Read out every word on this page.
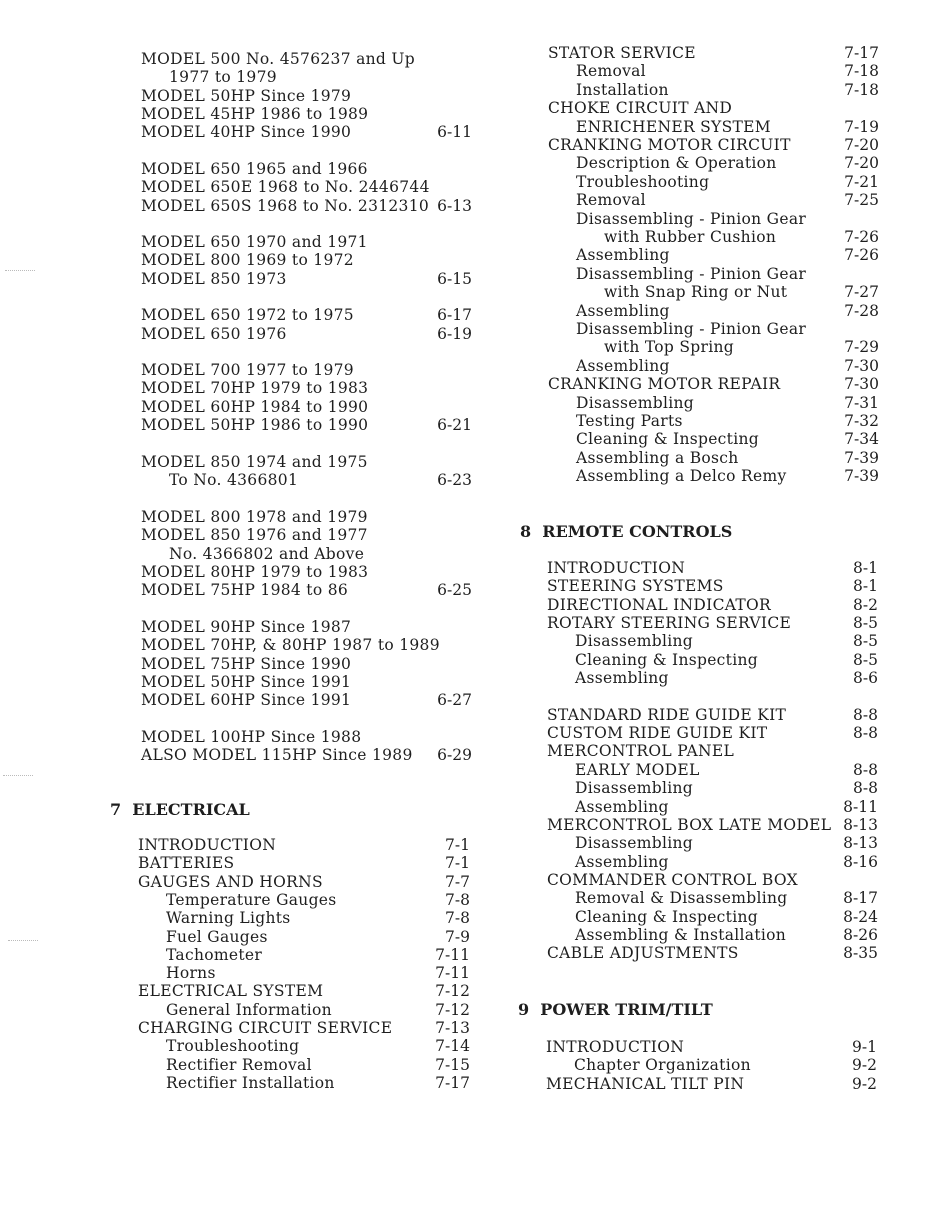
MODEL 500 No. 4576237 and Up
1977 to 1979
MODEL 50HP Since 1979
MODEL 45HP 1986 to 1989
MODEL 40HP Since 1990	6-11
MODEL 650 1965 and 1966
MODEL 650E 1968 to No. 2446744
MODEL 650S 1968 to No. 2312310 6-13
MODEL 650 1970 and 1971
MODEL 800 1969 to 1972
MODEL 850 1973	6-15
MODEL 650 1972 to 1975	6-17
MODEL 650 1976	6-19
MODEL 700 1977 to 1979
MODEL 70HP 1979 to 1983
MODEL 60HP 1984 to 1990
MODEL 50HP 1986 to 1990	6-21
MODEL 850 1974 and 1975
To No. 4366801	6-23
MODEL 800 1978 and 1979
MODEL 850 1976 and 1977
No. 4366802 and Above
MODEL 80HP 1979 to 1983
MODEL 75HP 1984 to 86	6-25
MODEL 90HP Since 1987
MODEL 70HP, & 80HP 1987 to 1989
MODEL 75HP Since 1990
MODEL 50HP Since 1991
MODEL 60HP Since 1991	6-27
MODEL 100HP Since 1988
ALSO MODEL 115HP Since 1989 6-29
7 ELECTRICAL
INTRODUCTION	7-1
BATTERIES	7-1
GAUGES AND HORNS	7-7
Temperature Gauges	7-8
Warning Lights	7-8
Fuel Gauges	7-9
Tachometer	7-11
Horns	7-11
ELECTRICAL SYSTEM	7-12
General Information	7-12
CHARGING CIRCUIT SERVICE	7-13
Troubleshooting	7-14
Rectifier Removal	7-15
Rectifier Installation	7-17
STATOR SERVICE	7-17
Removal	7-18
Installation	7-18
CHOKE CIRCUIT AND
ENRICHENER SYSTEM	7-19
CRANKING MOTOR CIRCUIT	7-20
Description & Operation	7-20
Troubleshooting	7-21
Removal	7-25
Disassembling - Pinion Gear
with Rubber Cushion	7-26
Assembling	7-26
Disassembling - Pinion Gear
with Snap Ring or Nut	7-27
Assembling	7-28
Disassembling - Pinion Gear
with Top Spring	7-29
Assembling	7-30
CRANKING MOTOR REPAIR	7-30
Disassembling	7-31
Testing Parts	7-32
Cleaning & Inspecting	7-34
Assembling a Bosch	7-39
Assembling a Delco Remy	7-39
8 REMOTE CONTROLS
INTRODUCTION	8-1
STEERING SYSTEMS	8-1
DIRECTIONAL INDICATOR	8-2
ROTARY STEERING SERVICE	8-5
Disassembling	8-5
Cleaning & Inspecting	8-5
Assembling	8-6
STANDARD RIDE GUIDE KIT	8-8
CUSTOM RIDE GUIDE KIT	8-8
MERCONTROL PANEL
EARLY MODEL	8-8
Disassembling	8-8
Assembling	8-11
MERCONTROL BOX LATE MODEL 8-13
Disassembling	8-13
Assembling	8-16
COMMANDER CONTROL BOX
Removal & Disassembling	8-17
Cleaning & Inspecting	8-24
Assembling & Installation	8-26
CABLE ADJUSTMENTS	8-35
9 POWER TRIM/TILT
INTRODUCTION	9-1
Chapter Organization	9-2
MECHANICAL TILT PIN	9-2
